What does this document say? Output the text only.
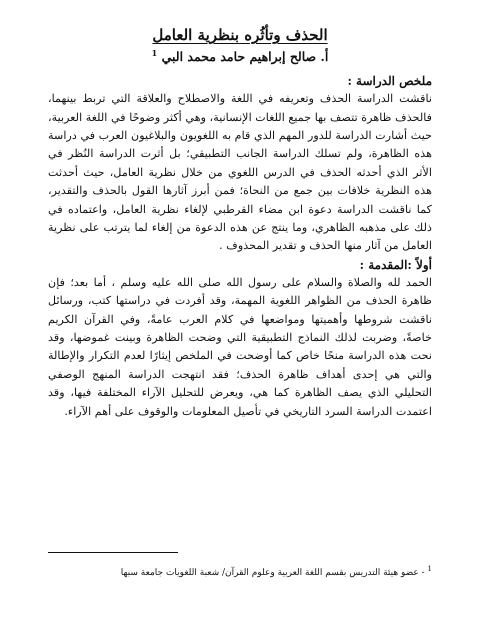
الحذف وتأثُره بنظرية العامل
أ. صالح إبراهيم حامد محمد البي $^1$
ملخص الدراسة :

ناقشت الدراسة الحذف وتعريفه في اللغة والاصطلاح والعلاقة التي تربط بينهما، فالحذف ظاهرة تتصف بها جميع اللغات الإنسانية، وهي أكثر وضوحًا في اللغة العربية، حيث أشارت الدراسة للدور المهم الذي قام به اللغويون والبلاغيون العرب في دراسة هذه الظاهرة، ولم تسلك الدراسة الجانب التطبيقي؛ بل أثرت الدراسة النُظر في الأثر الذي أحدثه الحذف في الدرس اللغوي من خلال نظرية العامل، حيث أحدثت هذه النظرية خلافات بين جمع من النحاة؛ فمن أبرز آثارها القول بالحذف والتقدير، كما ناقشت الدراسة دعوة ابن مضاء القرطبي لإلغاء نظرية العامل، واعتماده في ذلك على مذهبه الظاهري، وما ينتج عن هذه الدعوة من إلغاء لما يترتب على نظرية العامل من آثار منها الحذف و تقدير المحذوف .

أولاً :المقدمة :

الحمد لله والصلاة والسلام على رسول الله صلى الله عليه وسلم ، أما بعد؛ فإن ظاهرة الحذف من الظواهر اللغوية المهمة، وقد أفردت في دراستها كتب، ورسائل ناقشت شروطها وأهميتها ومواضعها في كلام العرب عامةً، وفي القرآن الكريم خاصةً، وضربت لذلك النماذج التطبيقية التي وضحت الظاهرة وبينت غموضها، وقد نحت هذه الدراسة منحًا خاص كما أوضحت في الملخص إيثارًا لعدم التكرار والإطالة والتي هي إحدى أهداف ظاهرة الحذف؛ فقد انتهجت الدراسة المنهج الوصفي التحليلي الذي يصف الظاهرة كما هي، ويعرض للتحليل الآراء المختلفة فيها، وقد اعتمدت الدراسة السرد التاريخي في تأصيل المعلومات والوقوف على أهم الآراء.

$^1$ - عضو هيئة التدريس بقسم اللغة العربية وعلوم القرآن/ شعبة اللغويات جامعة سبها
